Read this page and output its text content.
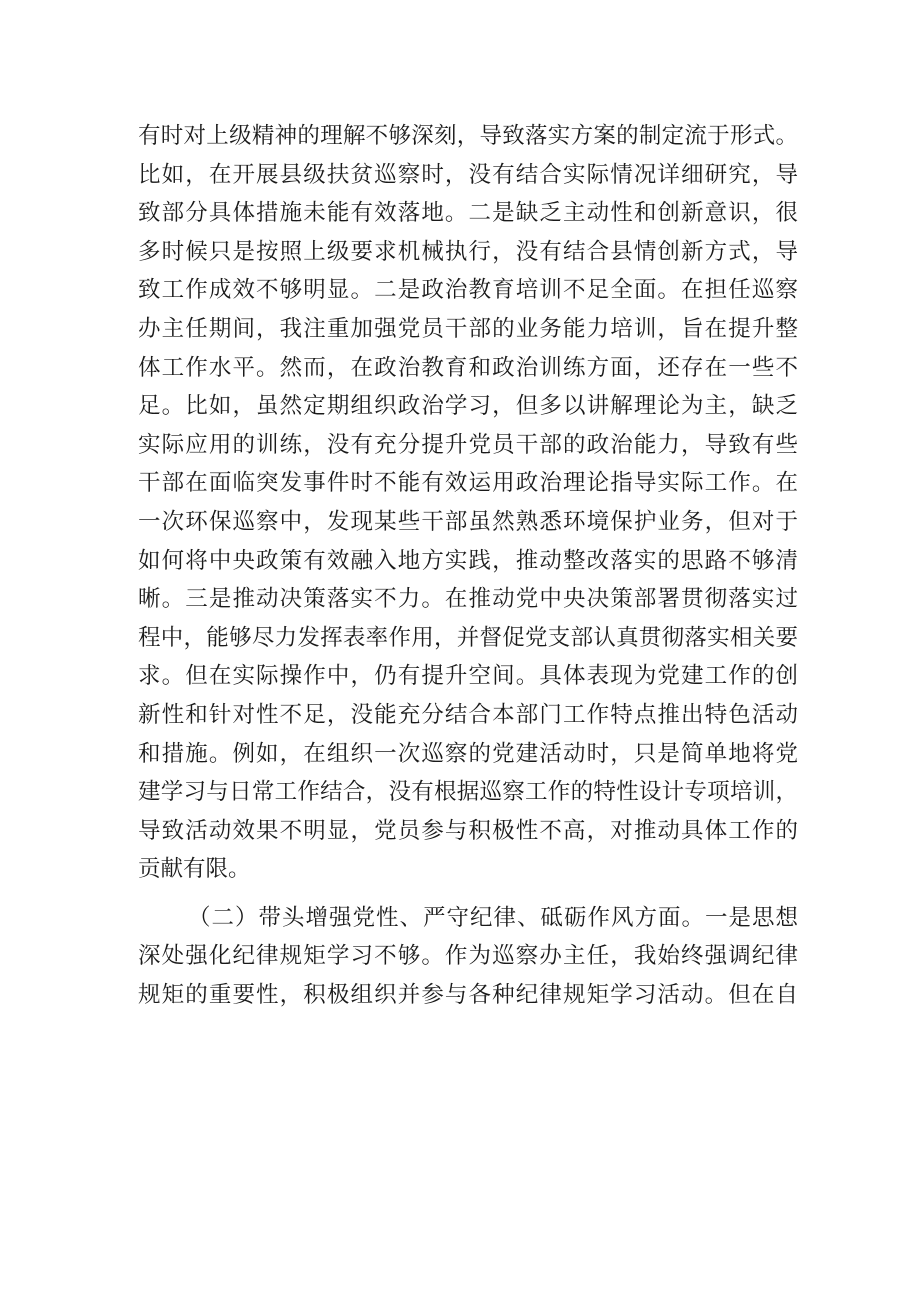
有时对上级精神的理解不够深刻，导致落实方案的制定流于形式。
比如，在开展县级扶贫巡察时，没有结合实际情况详细研究，导
致部分具体措施未能有效落地。二是缺乏主动性和创新意识，很
多时候只是按照上级要求机械执行，没有结合县情创新方式，导
致工作成效不够明显。二是政治教育培训不足全面。在担任巡察
办主任期间，我注重加强党员干部的业务能力培训，旨在提升整
体工作水平。然而，在政治教育和政治训练方面，还存在一些不
足。比如，虽然定期组织政治学习，但多以讲解理论为主，缺乏
实际应用的训练，没有充分提升党员干部的政治能力，导致有些
干部在面临突发事件时不能有效运用政治理论指导实际工作。在
一次环保巡察中，发现某些干部虽然熟悉环境保护业务，但对于
如何将中央政策有效融入地方实践，推动整改落实的思路不够清
晰。三是推动决策落实不力。在推动党中央决策部署贯彻落实过
程中，能够尽力发挥表率作用，并督促党支部认真贯彻落实相关要
求。但在实际操作中，仍有提升空间。具体表现为党建工作的创
新性和针对性不足，没能充分结合本部门工作特点推出特色活动
和措施。例如，在组织一次巡察的党建活动时，只是简单地将党
建学习与日常工作结合，没有根据巡察工作的特性设计专项培训，
导致活动效果不明显，党员参与积极性不高，对推动具体工作的
贡献有限。
（二）带头增强党性、严守纪律、砥砺作风方面。一是思想
深处强化纪律规矩学习不够。作为巡察办主任，我始终强调纪律
规矩的重要性，积极组织并参与各种纪律规矩学习活动。但在自
